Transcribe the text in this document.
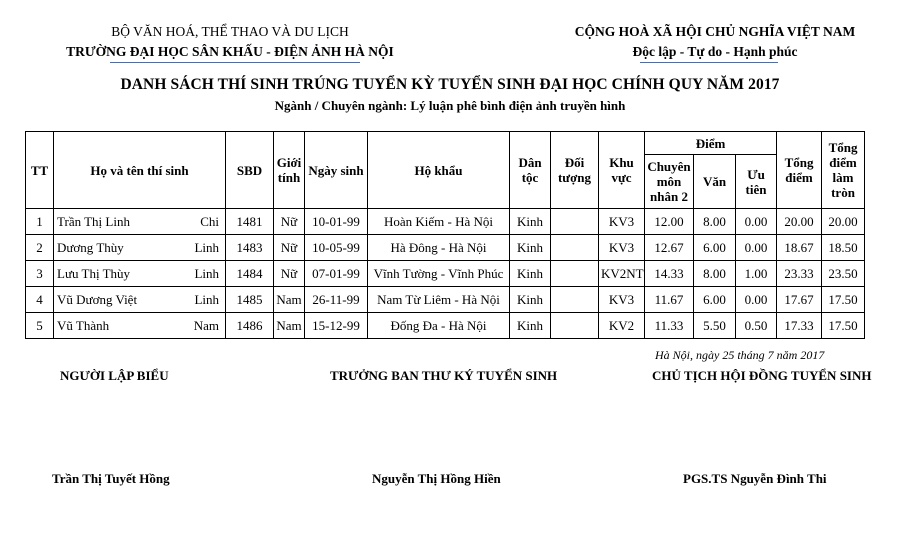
BỘ VĂN HOÁ, THỂ THAO VÀ DU LỊCH
TRƯỜNG ĐẠI HỌC SÂN KHẤU - ĐIỆN ẢNH HÀ NỘI
CỘNG HOÀ XÃ HỘI CHỦ NGHĨA VIỆT NAM
Độc lập - Tự do - Hạnh phúc
DANH SÁCH THÍ SINH TRÚNG TUYỂN KỲ TUYỂN SINH ĐẠI HỌC CHÍNH QUY NĂM 2017
Ngành / Chuyên ngành: Lý luận phê bình điện ảnh truyền hình
TT	Họ và tên thí sinh	SBD	Giới tính	Ngày sinh	Hộ khẩu	Dân tộc	Đối tượng	Khu vực	Điểm			Tổng điểm	Tổng điểm làm tròn
									Chuyên môn nhân 2	Văn	Ưu tiên		
1	Trần Thị Linh Chi	1481	Nữ	10-01-99	Hoàn Kiếm - Hà Nội	Kinh		KV3	12.00	8.00	0.00	20.00	20.00
2	Dương Thùy Linh	1483	Nữ	10-05-99	Hà Đông - Hà Nội	Kinh		KV3	12.67	6.00	0.00	18.67	18.50
3	Lưu Thị Thùy Linh	1484	Nữ	07-01-99	Vĩnh Tường - Vĩnh Phúc	Kinh		KV2NT	14.33	8.00	1.00	23.33	23.50
4	Vũ Dương Việt Linh	1485	Nam	26-11-99	Nam Từ Liêm - Hà Nội	Kinh		KV3	11.67	6.00	0.00	17.67	17.50
5	Vũ Thành Nam	1486	Nam	15-12-99	Đống Đa - Hà Nội	Kinh		KV2	11.33	5.50	0.50	17.33	17.50
Hà Nội, ngày 25 tháng 7 năm 2017
NGƯỜI LẬP BIỂU	TRƯỞNG BAN THƯ KÝ TUYỂN SINH	CHỦ TỊCH HỘI ĐỒNG TUYỂN SINH
Trần Thị Tuyết Hồng	Nguyễn Thị Hồng Hiền	PGS.TS Nguyễn Đình Thi
